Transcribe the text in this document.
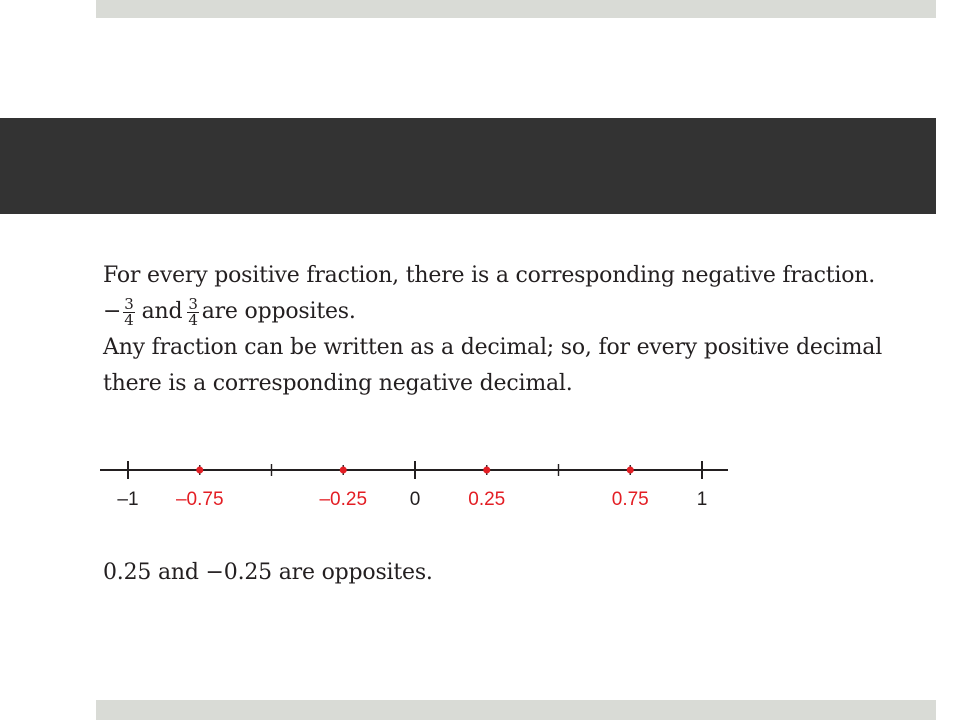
For every positive fraction, there is a corresponding negative fraction.
− $\frac{3}{4}$ and $\frac{3}{4}$ are opposites.
Any fraction can be written as a decimal; so, for every positive decimal
there is a corresponding negative decimal.
–1	0	1
–0.75	–0.25	0.25	0.75
0.25 and −0.25 are opposites.
